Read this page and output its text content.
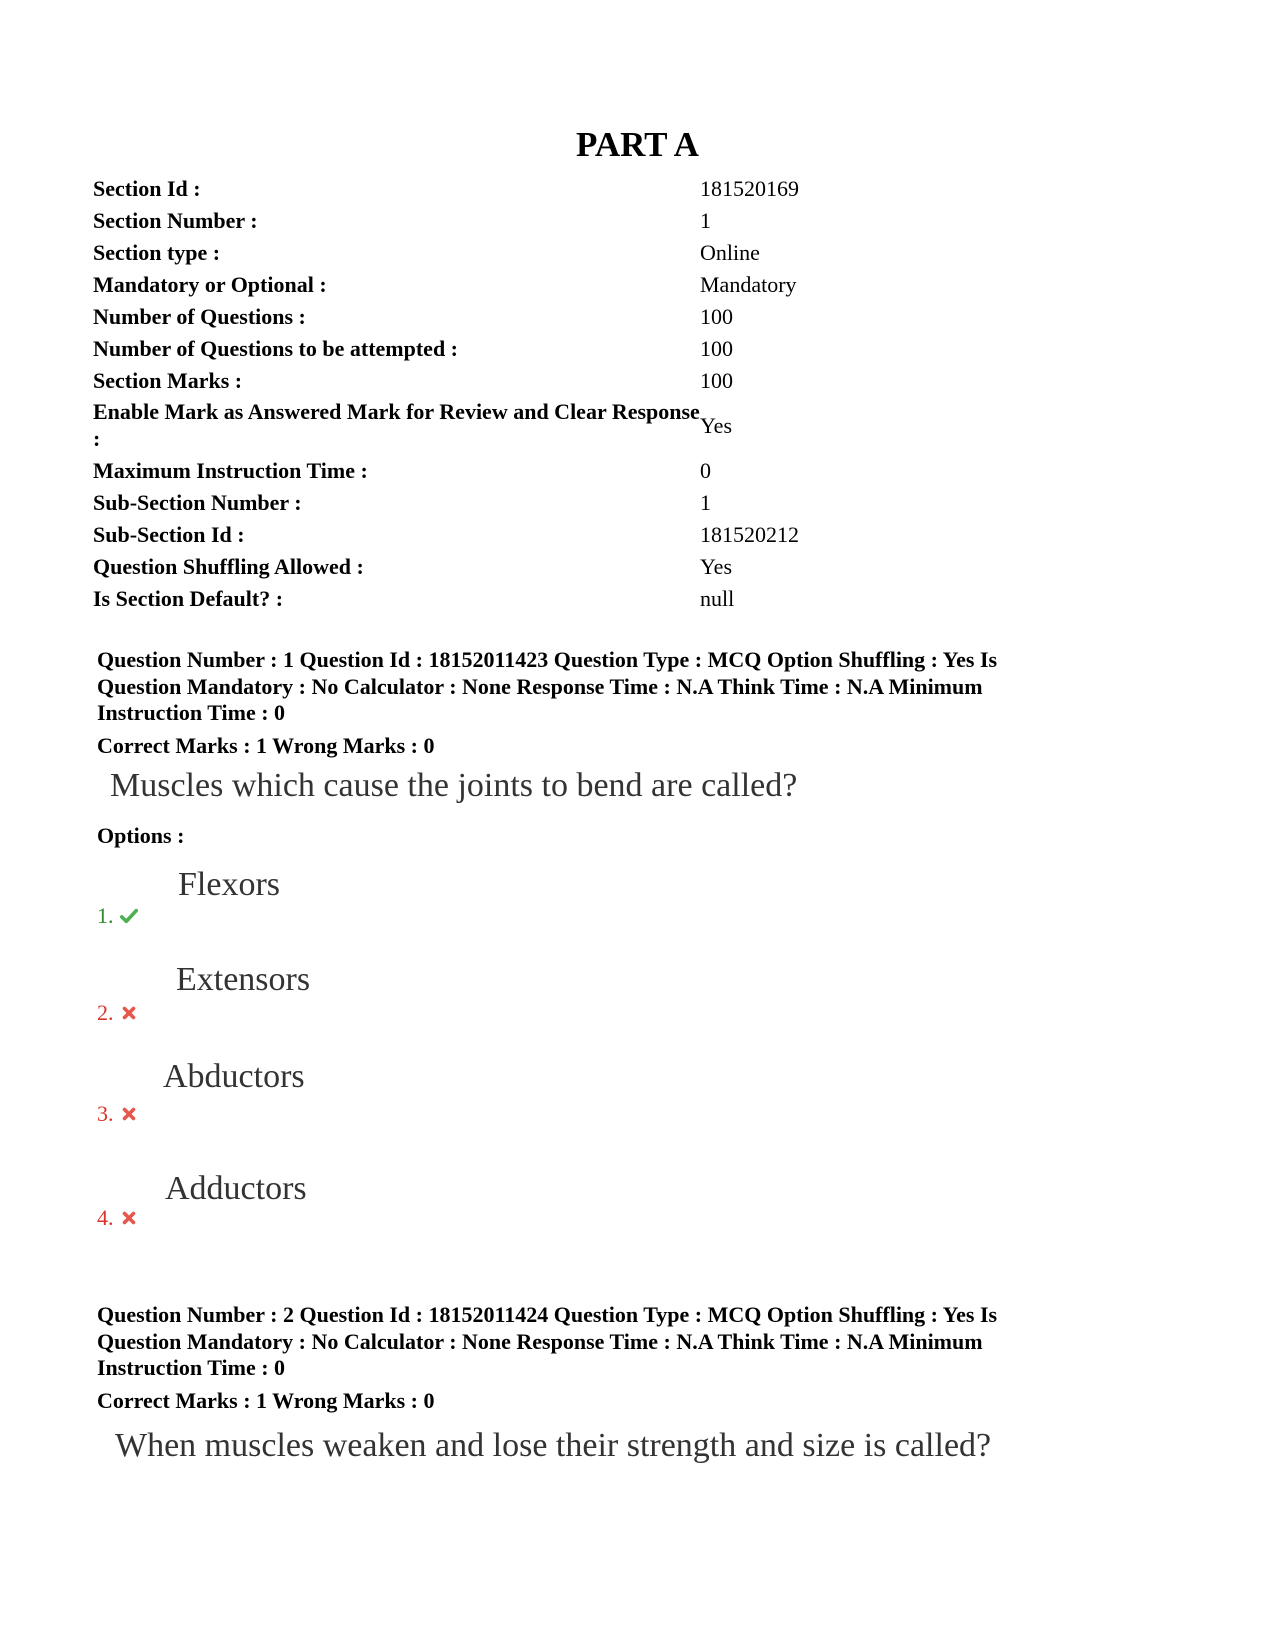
PART A
Section Id :	181520169
Section Number :	1
Section type :	Online
Mandatory or Optional :	Mandatory
Number of Questions :	100
Number of Questions to be attempted :	100
Section Marks :	100
Enable Mark as Answered Mark for Review and Clear Response :
Yes
Maximum Instruction Time :	0
Sub-Section Number :	1
Sub-Section Id :	181520212
Question Shuffling Allowed :	Yes
Is Section Default? :	null

Question Number : 1 Question Id : 18152011423 Question Type : MCQ Option Shuffling : Yes Is

Question Mandatory : No Calculator : None Response Time : N.A Think Time : N.A Minimum

Instruction Time : 0

Correct Marks : 1 Wrong Marks : 0
Muscles which cause the joints to bend are called?
Options :
Flexors
1.
Extensors
2.
Abductors
3.
Adductors
4.

Question Number : 2 Question Id : 18152011424 Question Type : MCQ Option Shuffling : Yes Is

Question Mandatory : No Calculator : None Response Time : N.A Think Time : N.A Minimum

Instruction Time : 0

Correct Marks : 1 Wrong Marks : 0
When muscles weaken and lose their strength and size is called?
